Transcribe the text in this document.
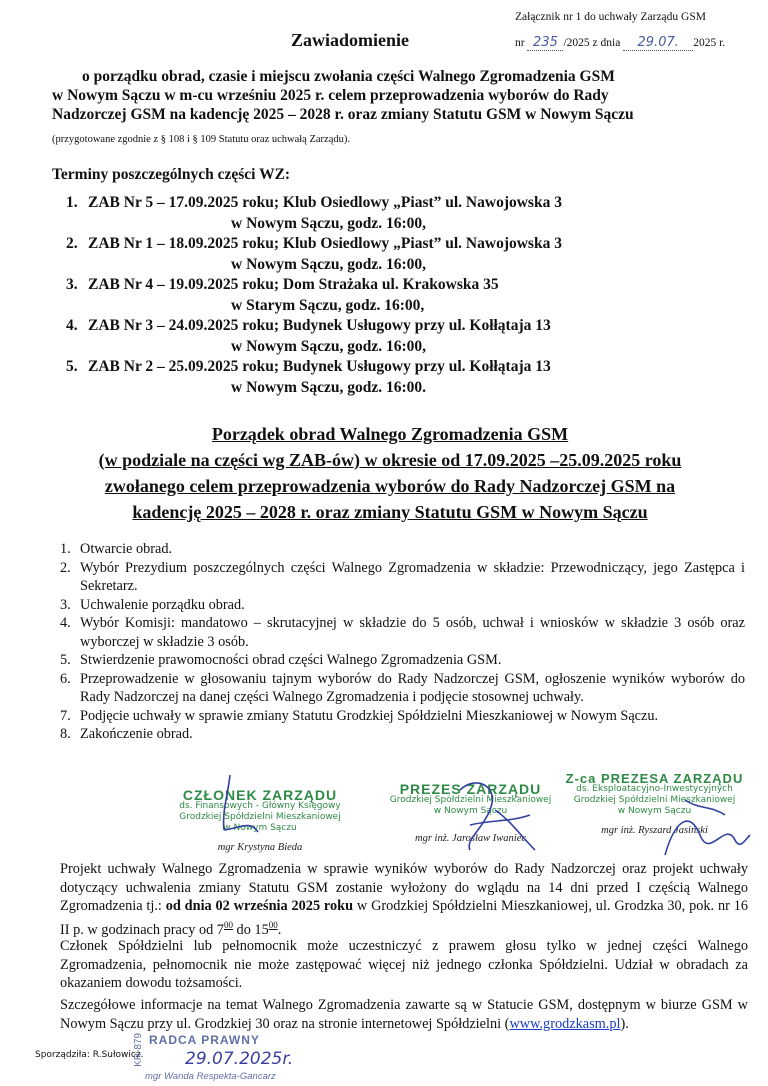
Załącznik nr 1 do uchwały Zarządu GSM
nr 235 /2025 z dnia 29.07. 2025 r.
Zawiadomienie
o porządku obrad, czasie i miejscu zwołania części Walnego Zgromadzenia GSM
w Nowym Sączu w m-cu wrześniu 2025 r. celem przeprowadzenia wyborów do Rady
Nadzorczej GSM na kadencję 2025 – 2028 r. oraz zmiany Statutu GSM w Nowym Sączu
(przygotowane zgodnie z § 108 i § 109 Statutu oraz uchwałą Zarządu).
Terminy poszczególnych części WZ:
1. ZAB Nr 5 – 17.09.2025 roku; Klub Osiedlowy „Piast” ul. Nawojowska 3
w Nowym Sączu, godz. 16:00,
2. ZAB Nr 1 – 18.09.2025 roku; Klub Osiedlowy „Piast” ul. Nawojowska 3
w Nowym Sączu, godz. 16:00,
3. ZAB Nr 4 – 19.09.2025 roku; Dom Strażaka ul. Krakowska 35
w Starym Sączu, godz. 16:00,
4. ZAB Nr 3 – 24.09.2025 roku; Budynek Usługowy przy ul. Kołłątaja 13
w Nowym Sączu, godz. 16:00,
5. ZAB Nr 2 – 25.09.2025 roku; Budynek Usługowy przy ul. Kołłątaja 13
w Nowym Sączu, godz. 16:00.
Porządek obrad Walnego Zgromadzenia GSM
(w podziale na części wg ZAB-ów) w okresie od 17.09.2025 –25.09.2025 roku
zwołanego celem przeprowadzenia wyborów do Rady Nadzorczej GSM na
kadencję 2025 – 2028 r. oraz zmiany Statutu GSM w Nowym Sączu
1. Otwarcie obrad.
2. Wybór Prezydium poszczególnych części Walnego Zgromadzenia w składzie: Przewodniczący, jego Zastępca i Sekretarz.
3. Uchwalenie porządku obrad.
4. Wybór Komisji: mandatowo – skrutacyjnej w składzie do 5 osób, uchwał i wniosków w składzie 3 osób oraz wyborczej w składzie 3 osób.
5. Stwierdzenie prawomocności obrad części Walnego Zgromadzenia GSM.
6. Przeprowadzenie w głosowaniu tajnym wyborów do Rady Nadzorczej GSM, ogłoszenie wyników wyborów do Rady Nadzorczej na danej części Walnego Zgromadzenia i podjęcie stosownej uchwały.
7. Podjęcie uchwały w sprawie zmiany Statutu Grodzkiej Spółdzielni Mieszkaniowej w Nowym Sączu.
8. Zakończenie obrad.
CZŁONEK ZARZĄDU
ds. Finansowych - Główny Księgowy
Grodzkiej Spółdzielni Mieszkaniowej
w Nowym Sączu
mgr Krystyna Bieda
PREZES ZARZĄDU
Grodzkiej Spółdzielni Mieszkaniowej
w Nowym Sączu
mgr inż. Jarosław Iwaniec
Z-ca PREZESA ZARZĄDU
ds. Eksploatacyjno-Inwestycyjnych
Grodzkiej Spółdzielni Mieszkaniowej
w Nowym Sączu
mgr inż. Ryszard Jasiński
Projekt uchwały Walnego Zgromadzenia w sprawie wyników wyborów do Rady Nadzorczej oraz projekt uchwały dotyczący uchwalenia zmiany Statutu GSM zostanie wyłożony do wglądu na 14 dni przed I częścią Walnego Zgromadzenia tj.: od dnia 02 września 2025 roku w Grodzkiej Spółdzielni Mieszkaniowej, ul. Grodzka 30, pok. nr 16 II p. w godzinach pracy od $7^{00}$ do $15^{00}$.
Członek Spółdzielni lub pełnomocnik może uczestniczyć z prawem głosu tylko w jednej części Walnego Zgromadzenia, pełnomocnik nie może zastępować więcej niż jednego członka Spółdzielni. Udział w obradach za okazaniem dowodu tożsamości.
Szczegółowe informacje na temat Walnego Zgromadzenia zawarte są w Statucie GSM, dostępnym w biurze GSM w Nowym Sączu przy ul. Grodzkiej 30 oraz na stronie internetowej Spółdzielni (www.grodzkasm.pl).
Sporządziła: R.Sułowicz.
KR-879 RADCA PRAWNY
29.07.2025r.
mgr Wanda Respekta-Gancarz
